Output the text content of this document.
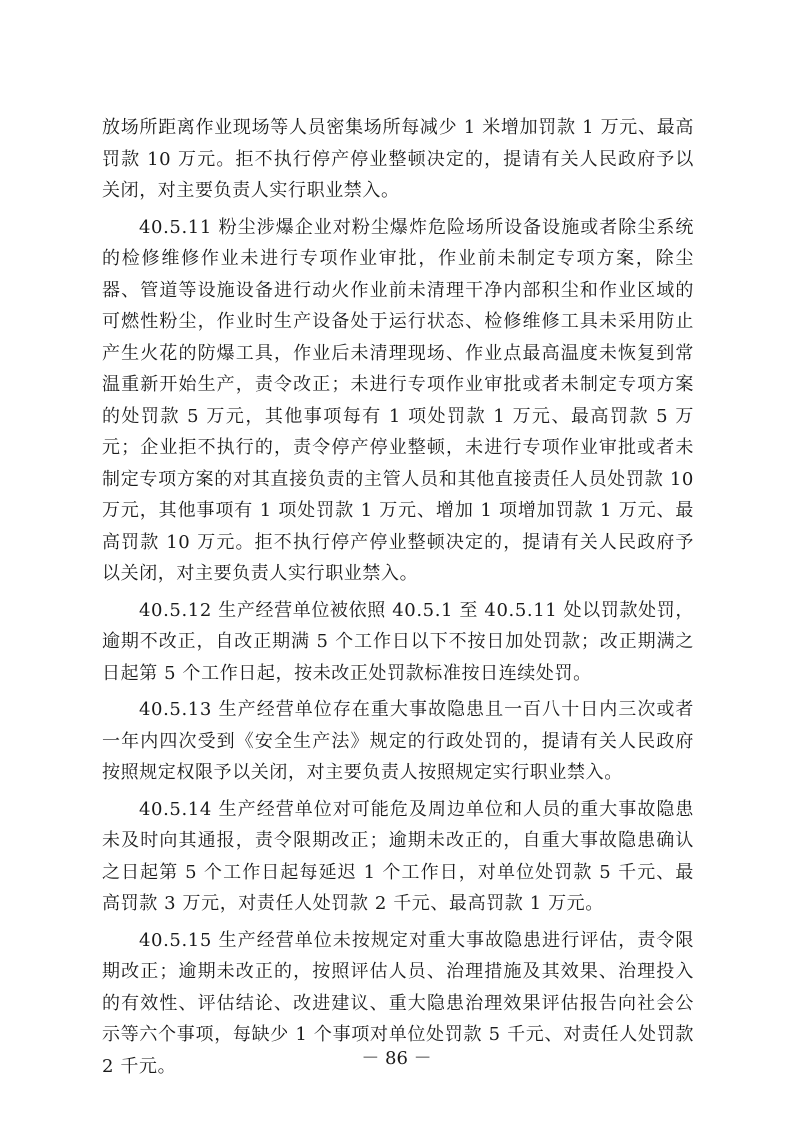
放场所距离作业现场等人员密集场所每减少 1 米增加罚款 1 万元、最高罚款 10 万元。拒不执行停产停业整顿决定的，提请有关人民政府予以关闭，对主要负责人实行职业禁入。

40.5.11 粉尘涉爆企业对粉尘爆炸危险场所设备设施或者除尘系统的检修维修作业未进行专项作业审批，作业前未制定专项方案，除尘器、管道等设施设备进行动火作业前未清理干净内部积尘和作业区域的可燃性粉尘，作业时生产设备处于运行状态、检修维修工具未采用防止产生火花的防爆工具，作业后未清理现场、作业点最高温度未恢复到常温重新开始生产，责令改正；未进行专项作业审批或者未制定专项方案的处罚款 5 万元，其他事项每有 1 项处罚款 1 万元、最高罚款 5 万元；企业拒不执行的，责令停产停业整顿，未进行专项作业审批或者未制定专项方案的对其直接负责的主管人员和其他直接责任人员处罚款 10 万元，其他事项有 1 项处罚款 1 万元、增加 1 项增加罚款 1 万元、最高罚款 10 万元。拒不执行停产停业整顿决定的，提请有关人民政府予以关闭，对主要负责人实行职业禁入。

40.5.12 生产经营单位被依照 40.5.1 至 40.5.11 处以罚款处罚，逾期不改正，自改正期满 5 个工作日以下不按日加处罚款；改正期满之日起第 5 个工作日起，按未改正处罚款标准按日连续处罚。

40.5.13 生产经营单位存在重大事故隐患且一百八十日内三次或者一年内四次受到《安全生产法》规定的行政处罚的，提请有关人民政府按照规定权限予以关闭，对主要负责人按照规定实行职业禁入。

40.5.14 生产经营单位对可能危及周边单位和人员的重大事故隐患未及时向其通报，责令限期改正；逾期未改正的，自重大事故隐患确认之日起第 5 个工作日起每延迟 1 个工作日，对单位处罚款 5 千元、最高罚款 3 万元，对责任人处罚款 2 千元、最高罚款 1 万元。

40.5.15 生产经营单位未按规定对重大事故隐患进行评估，责令限期改正；逾期未改正的，按照评估人员、治理措施及其效果、治理投入的有效性、评估结论、改进建议、重大隐患治理效果评估报告向社会公示等六个事项，每缺少 1 个事项对单位处罚款 5 千元、对责任人处罚款 2 千元。	－ 86 －
